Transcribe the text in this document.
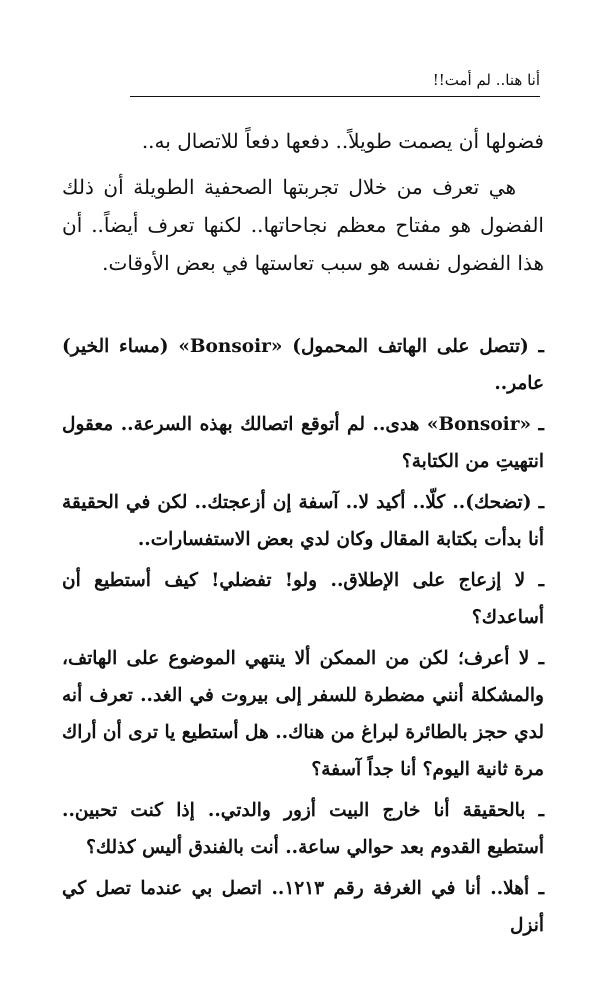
أنا هنا.. لم أمت!!

فضولها أن يصمت طويلاً.. دفعها دفعاً للاتصال به..

هي تعرف من خلال تجربتها الصحفية الطويلة أن ذلك الفضول هو مفتاح معظم نجاحاتها.. لكنها تعرف أيضاً.. أن هذا الفضول نفسه هو سبب تعاستها في بعض الأوقات.

ـ (تتصل على الهاتف المحمول) «Bonsoir» (مساء الخير) عامر..

ـ «Bonsoir» هدى.. لم أتوقع اتصالك بهذه السرعة.. معقول انتهيتِ من الكتابة؟

ـ (تضحك).. كلّا.. أكيد لا.. آسفة إن أزعجتك.. لكن في الحقيقة أنا بدأت بكتابة المقال وكان لدي بعض الاستفسارات..

ـ لا إزعاج على الإطلاق.. ولو! تفضلي! كيف أستطيع أن أساعدك؟

ـ لا أعرف؛ لكن من الممكن ألا ينتهي الموضوع على الهاتف، والمشكلة أنني مضطرة للسفر إلى بيروت في الغد.. تعرف أنه لدي حجز بالطائرة لبراغ من هناك.. هل أستطيع يا ترى أن أراك مرة ثانية اليوم؟ أنا جداً آسفة؟

ـ بالحقيقة أنا خارج البيت أزور والدتي.. إذا كنت تحبين.. أستطيع القدوم بعد حوالي ساعة.. أنت بالفندق أليس كذلك؟

ـ أهلا.. أنا في الغرفة رقم ١٢١٣.. اتصل بي عندما تصل كي أنزل
